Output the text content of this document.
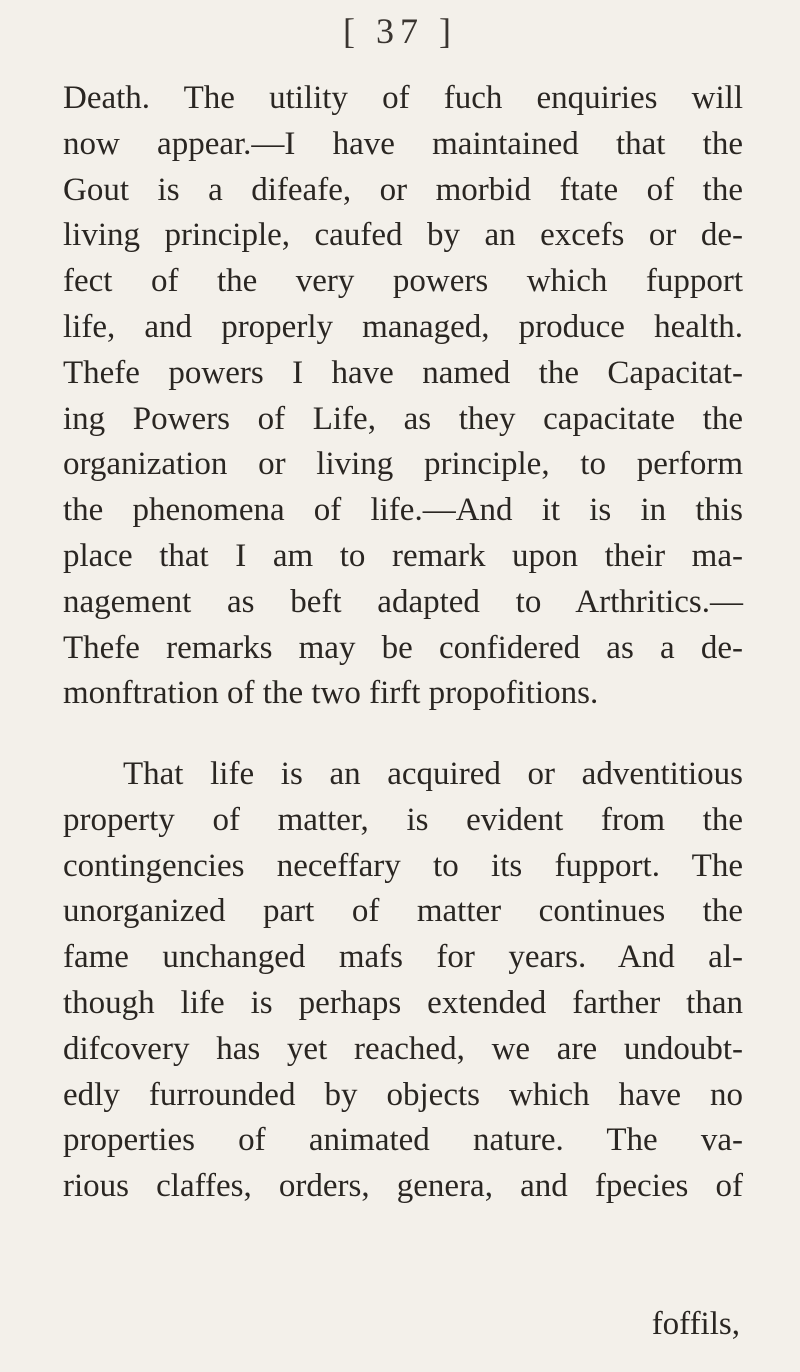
[ 37 ]
Death. The utility of fuch enquiries will
now appear.—I have maintained that the
Gout is a difeafe, or morbid ftate of the
living principle, caufed by an excefs or de-
fect of the very powers which fupport
life, and properly managed, produce health.
Thefe powers I have named the Capacitat-
ing Powers of Life, as they capacitate the
organization or living principle, to perform
the phenomena of life.—And it is in this
place that I am to remark upon their ma-
nagement as beft adapted to Arthritics.—
Thefe remarks may be confidered as a de-
monftration of the two firft propofitions.
That life is an acquired or adventitious
property of matter, is evident from the
contingencies neceffary to its fupport. The
unorganized part of matter continues the
fame unchanged mafs for years. And al-
though life is perhaps extended farther than
difcovery has yet reached, we are undoubt-
edly furrounded by objects which have no
properties of animated nature. The va-
rious claffes, orders, genera, and fpecies of
foffils,
